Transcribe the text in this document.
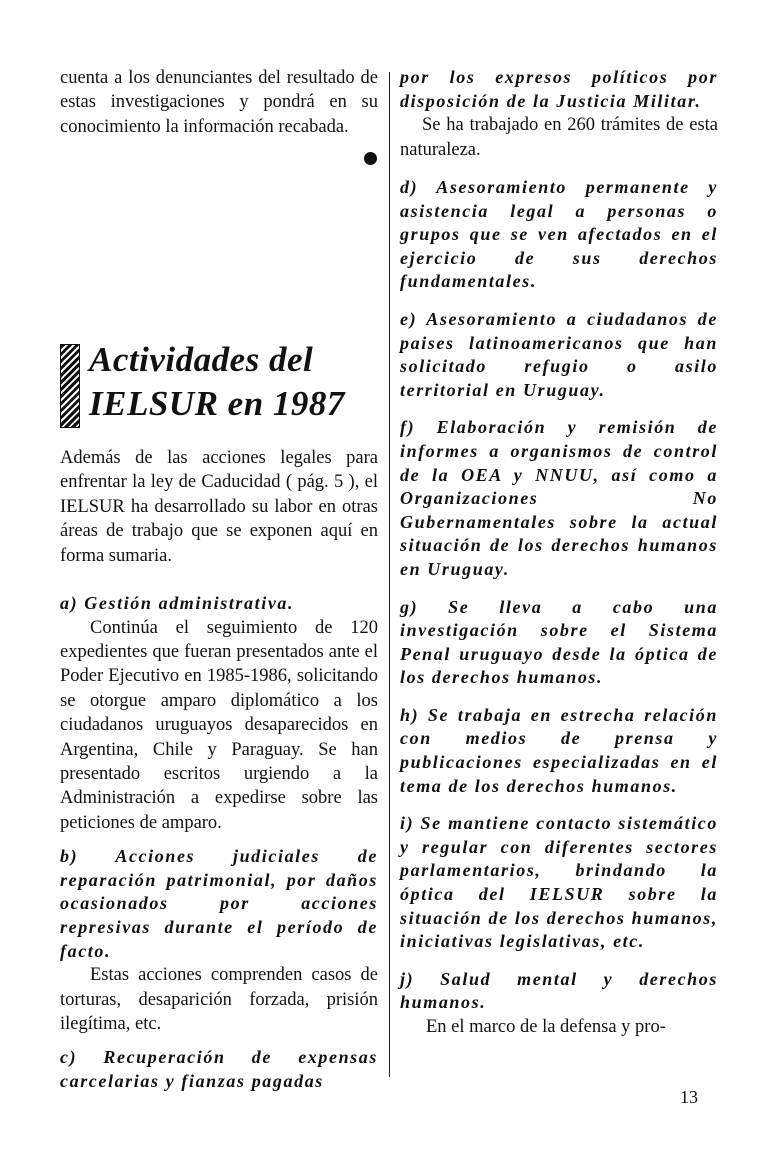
cuenta a los denunciantes del resultado de estas investigaciones y pondrá en su conocimiento la información recabada.

Actividades del
IELSUR en 1987

Además de las acciones legales para enfrentar la ley de Caducidad ( pág. 5 ), el IELSUR ha desarrollado su labor en otras áreas de trabajo que se exponen aquí en forma sumaria.

a) Gestión administrativa.

Continúa el seguimiento de 120 expedientes que fueran presentados ante el Poder Ejecutivo en 1985-1986, solicitando se otorgue amparo diplomático a los ciudadanos uruguayos desaparecidos en Argentina, Chile y Paraguay. Se han presentado escritos urgiendo a la Administración a expedirse sobre las peticiones de amparo.

b) Acciones judiciales de reparación patrimonial, por daños ocasionados por acciones represivas durante el período de facto.

Estas acciones comprenden casos de torturas, desaparición forzada, prisión ilegítima, etc.

c) Recuperación de expensas carcelarias y fianzas pagadas

por los expresos políticos por disposición de la Justicia Militar.

Se ha trabajado en 260 trámites de esta naturaleza.

d) Asesoramiento permanente y asistencia legal a personas o grupos que se ven afectados en el ejercicio de sus derechos fundamentales.

e) Asesoramiento a ciudadanos de paises latinoamericanos que han solicitado refugio o asilo territorial en Uruguay.

f) Elaboración y remisión de informes a organismos de control de la OEA y NNUU, así como a Organizaciones No Gubernamentales sobre la actual situación de los derechos humanos en Uruguay.

g) Se lleva a cabo una investigación sobre el Sistema Penal uruguayo desde la óptica de los derechos humanos.

h) Se trabaja en estrecha relación con medios de prensa y publicaciones especializadas en el tema de los derechos humanos.

i) Se mantiene contacto sistemático y regular con diferentes sectores parlamentarios, brindando la óptica del IELSUR sobre la situación de los derechos humanos, iniciativas legislativas, etc.

j) Salud mental y derechos humanos.

En el marco de la defensa y pro-

13
